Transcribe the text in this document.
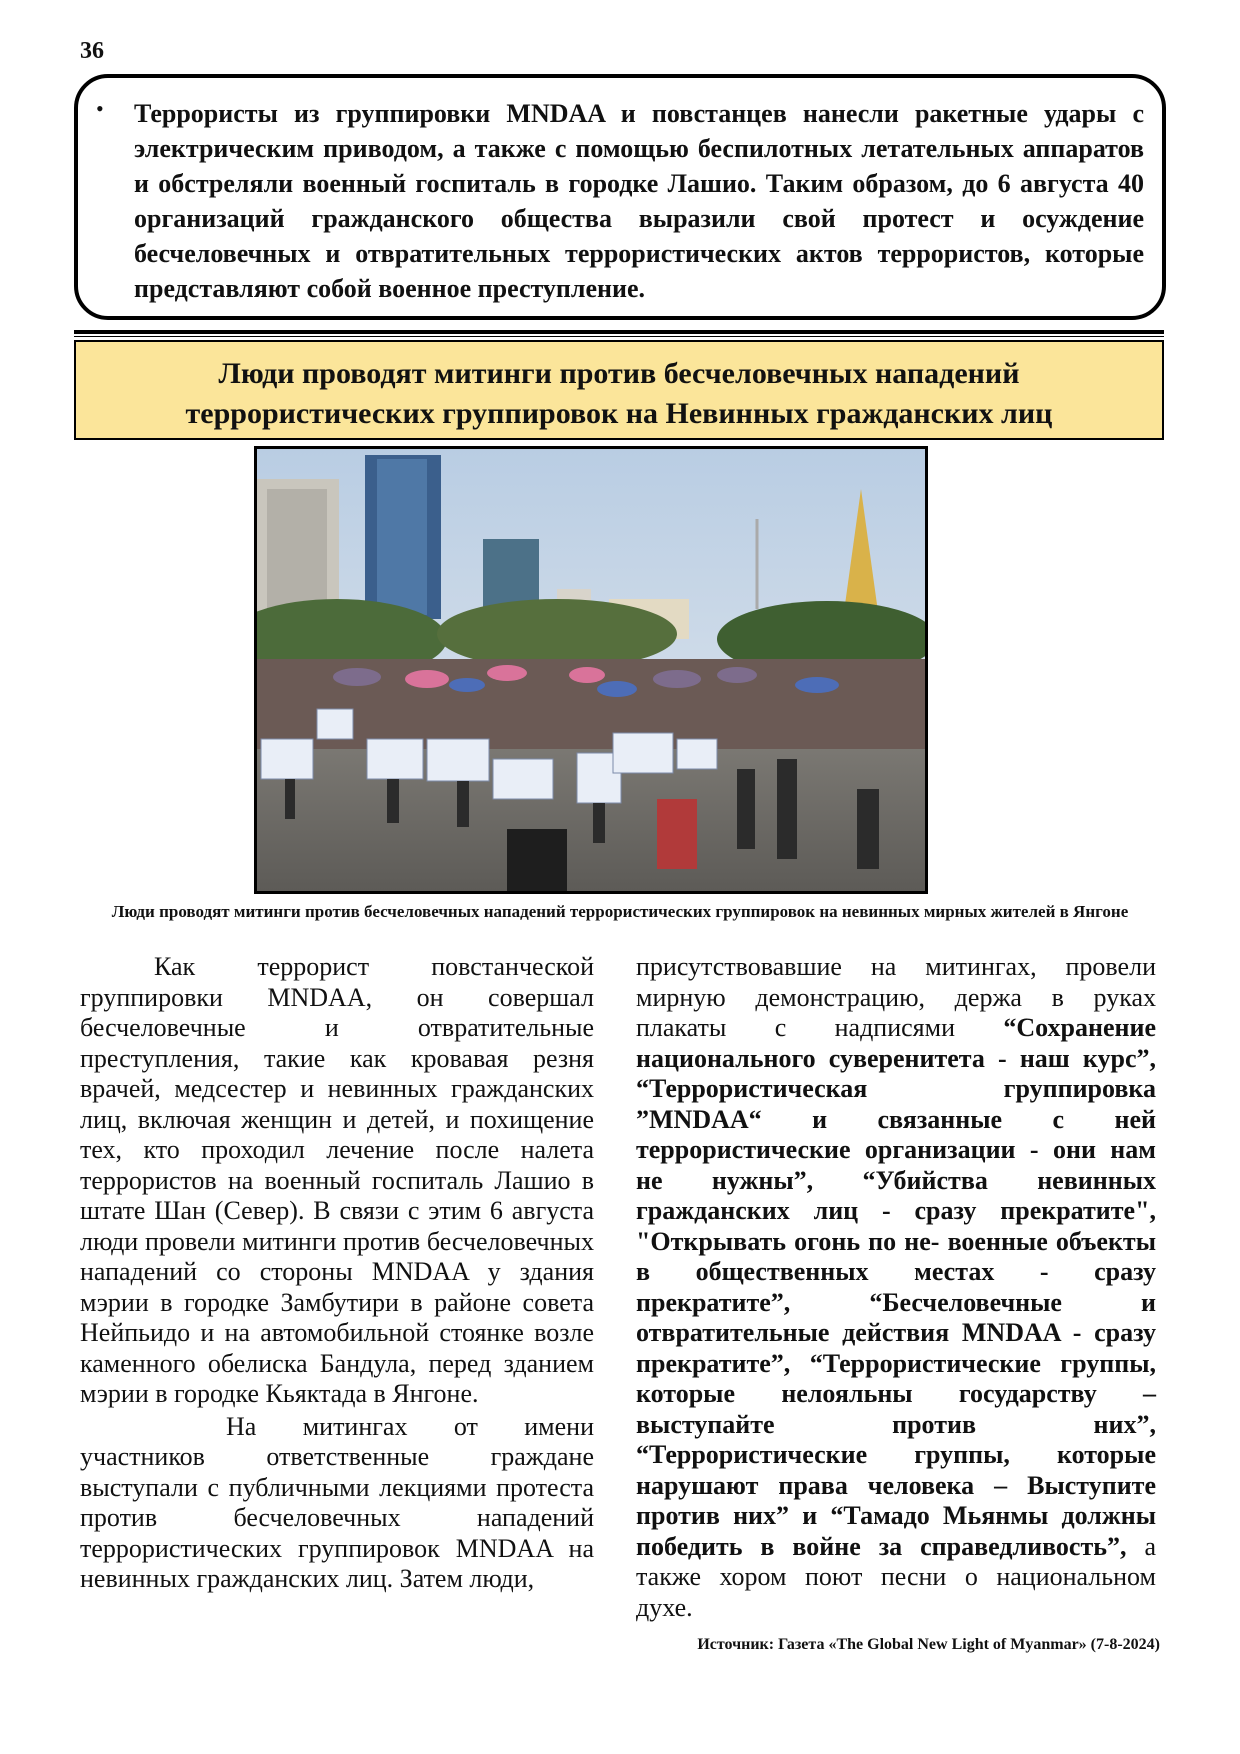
36
• Террористы из группировки MNDAA и повстанцев нанесли ракетные удары с электрическим приводом, а также с помощью беспилотных летательных аппаратов и обстреляли военный госпиталь в городке Лашио. Таким образом, до 6 августа 40 организаций гражданского общества выразили свой протест и осуждение бесчеловечных и отвратительных террористических актов террористов, которые представляют собой военное преступление.
Люди проводят митинги против бесчеловечных нападений террористических группировок на Невинных гражданских лиц
Люди проводят митинги против бесчеловечных нападений террористических группировок на невинных мирных жителей в Янгоне

Как террорист повстанческой группировки MNDAA, он совершал бесчеловечные и отвратительные преступления, такие как кровавая резня врачей, медсестер и невинных гражданских лиц, включая женщин и детей, и похищение тех, кто проходил лечение после налета террористов на военный госпиталь Лашио в штате Шан (Север). В связи с этим 6 августа люди провели митинги против бесчеловечных нападений со стороны MNDAA у здания мэрии в городке Замбутири в районе совета Нейпьидо и на автомобильной стоянке возле каменного обелиска Бандула, перед зданием мэрии в городке Кьяктада в Янгоне.

На митингах от имени участников ответственные граждане выступали с публичными лекциями протеста против бесчеловечных нападений террористических группировок MNDAA на невинных гражданских лиц. Затем люди,

присутствовавшие на митингах, провели мирную демонстрацию, держа в руках плакаты с надписями “Сохранение национального суверенитета - наш курс”, “Террористическая группировка ”MNDAA“ и связанные с ней террористические организации - они нам не нужны”, “Убийства невинных гражданских лиц - сразу прекратите", "Открывать огонь по не- военные объекты в общественных местах - сразу прекратите”, “Бесчеловечные и отвратительные действия MNDAA - сразу прекратите”, “Террористические группы, которые нелояльны государству – выступайте против них”, “Террористические группы, которые нарушают права человека – Выступите против них” и “Тамадо Мьянмы должны победить в войне за справедливость”, а также хором поют песни о национальном духе.

Источник: Газета «The Global New Light of Myanmar» (7-8-2024)
